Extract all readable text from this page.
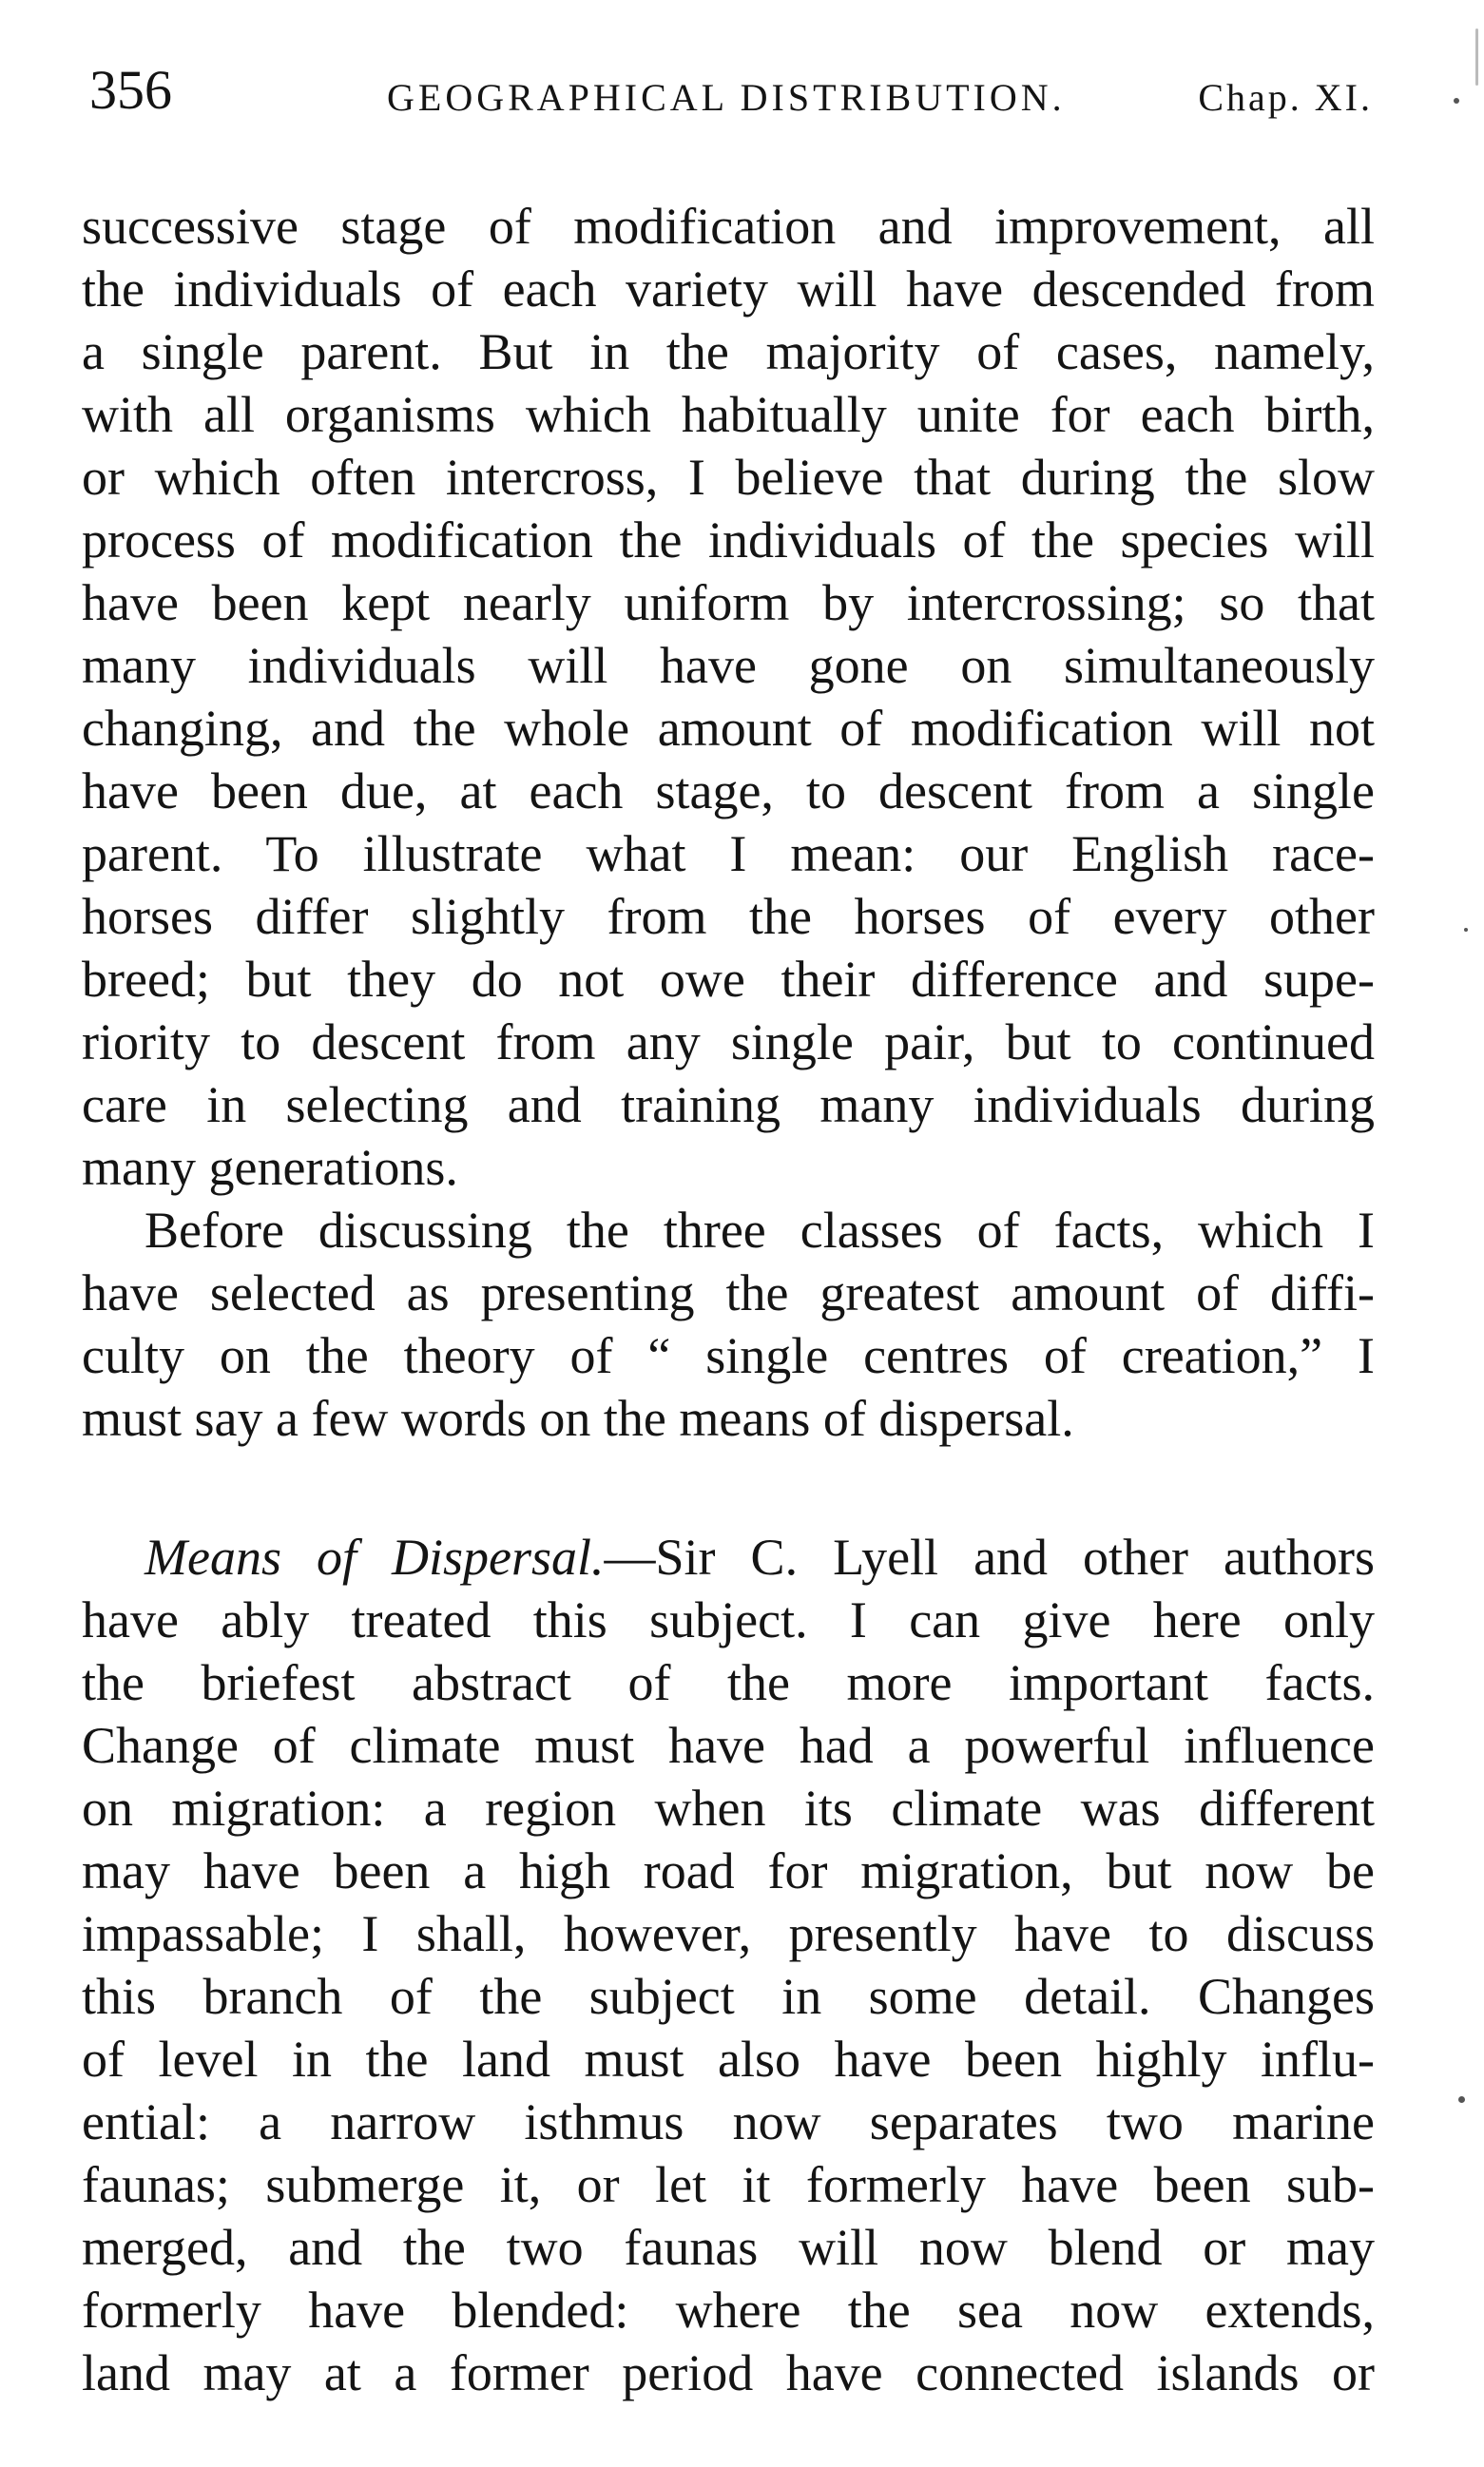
356	GEOGRAPHICAL DISTRIBUTION.	Chap. XI.
successive stage of modification and improvement, all
the individuals of each variety will have descended from
a single parent. But in the majority of cases, namely,
with all organisms which habitually unite for each birth,
or which often intercross, I believe that during the slow
process of modification the individuals of the species will
have been kept nearly uniform by intercrossing; so that
many individuals will have gone on simultaneously
changing, and the whole amount of modification will not
have been due, at each stage, to descent from a single
parent. To illustrate what I mean: our English race-
horses differ slightly from the horses of every other
breed; but they do not owe their difference and supe-
riority to descent from any single pair, but to continued
care in selecting and training many individuals during
many generations.
Before discussing the three classes of facts, which I
have selected as presenting the greatest amount of diffi-
culty on the theory of “ single centres of creation,” I
must say a few words on the means of dispersal.
Means of Dispersal.—Sir C. Lyell and other authors
have ably treated this subject. I can give here only
the briefest abstract of the more important facts.
Change of climate must have had a powerful influence
on migration: a region when its climate was different
may have been a high road for migration, but now be
impassable; I shall, however, presently have to discuss
this branch of the subject in some detail. Changes
of level in the land must also have been highly influ-
ential: a narrow isthmus now separates two marine
faunas; submerge it, or let it formerly have been sub-
merged, and the two faunas will now blend or may
formerly have blended: where the sea now extends,
land may at a former period have connected islands or
